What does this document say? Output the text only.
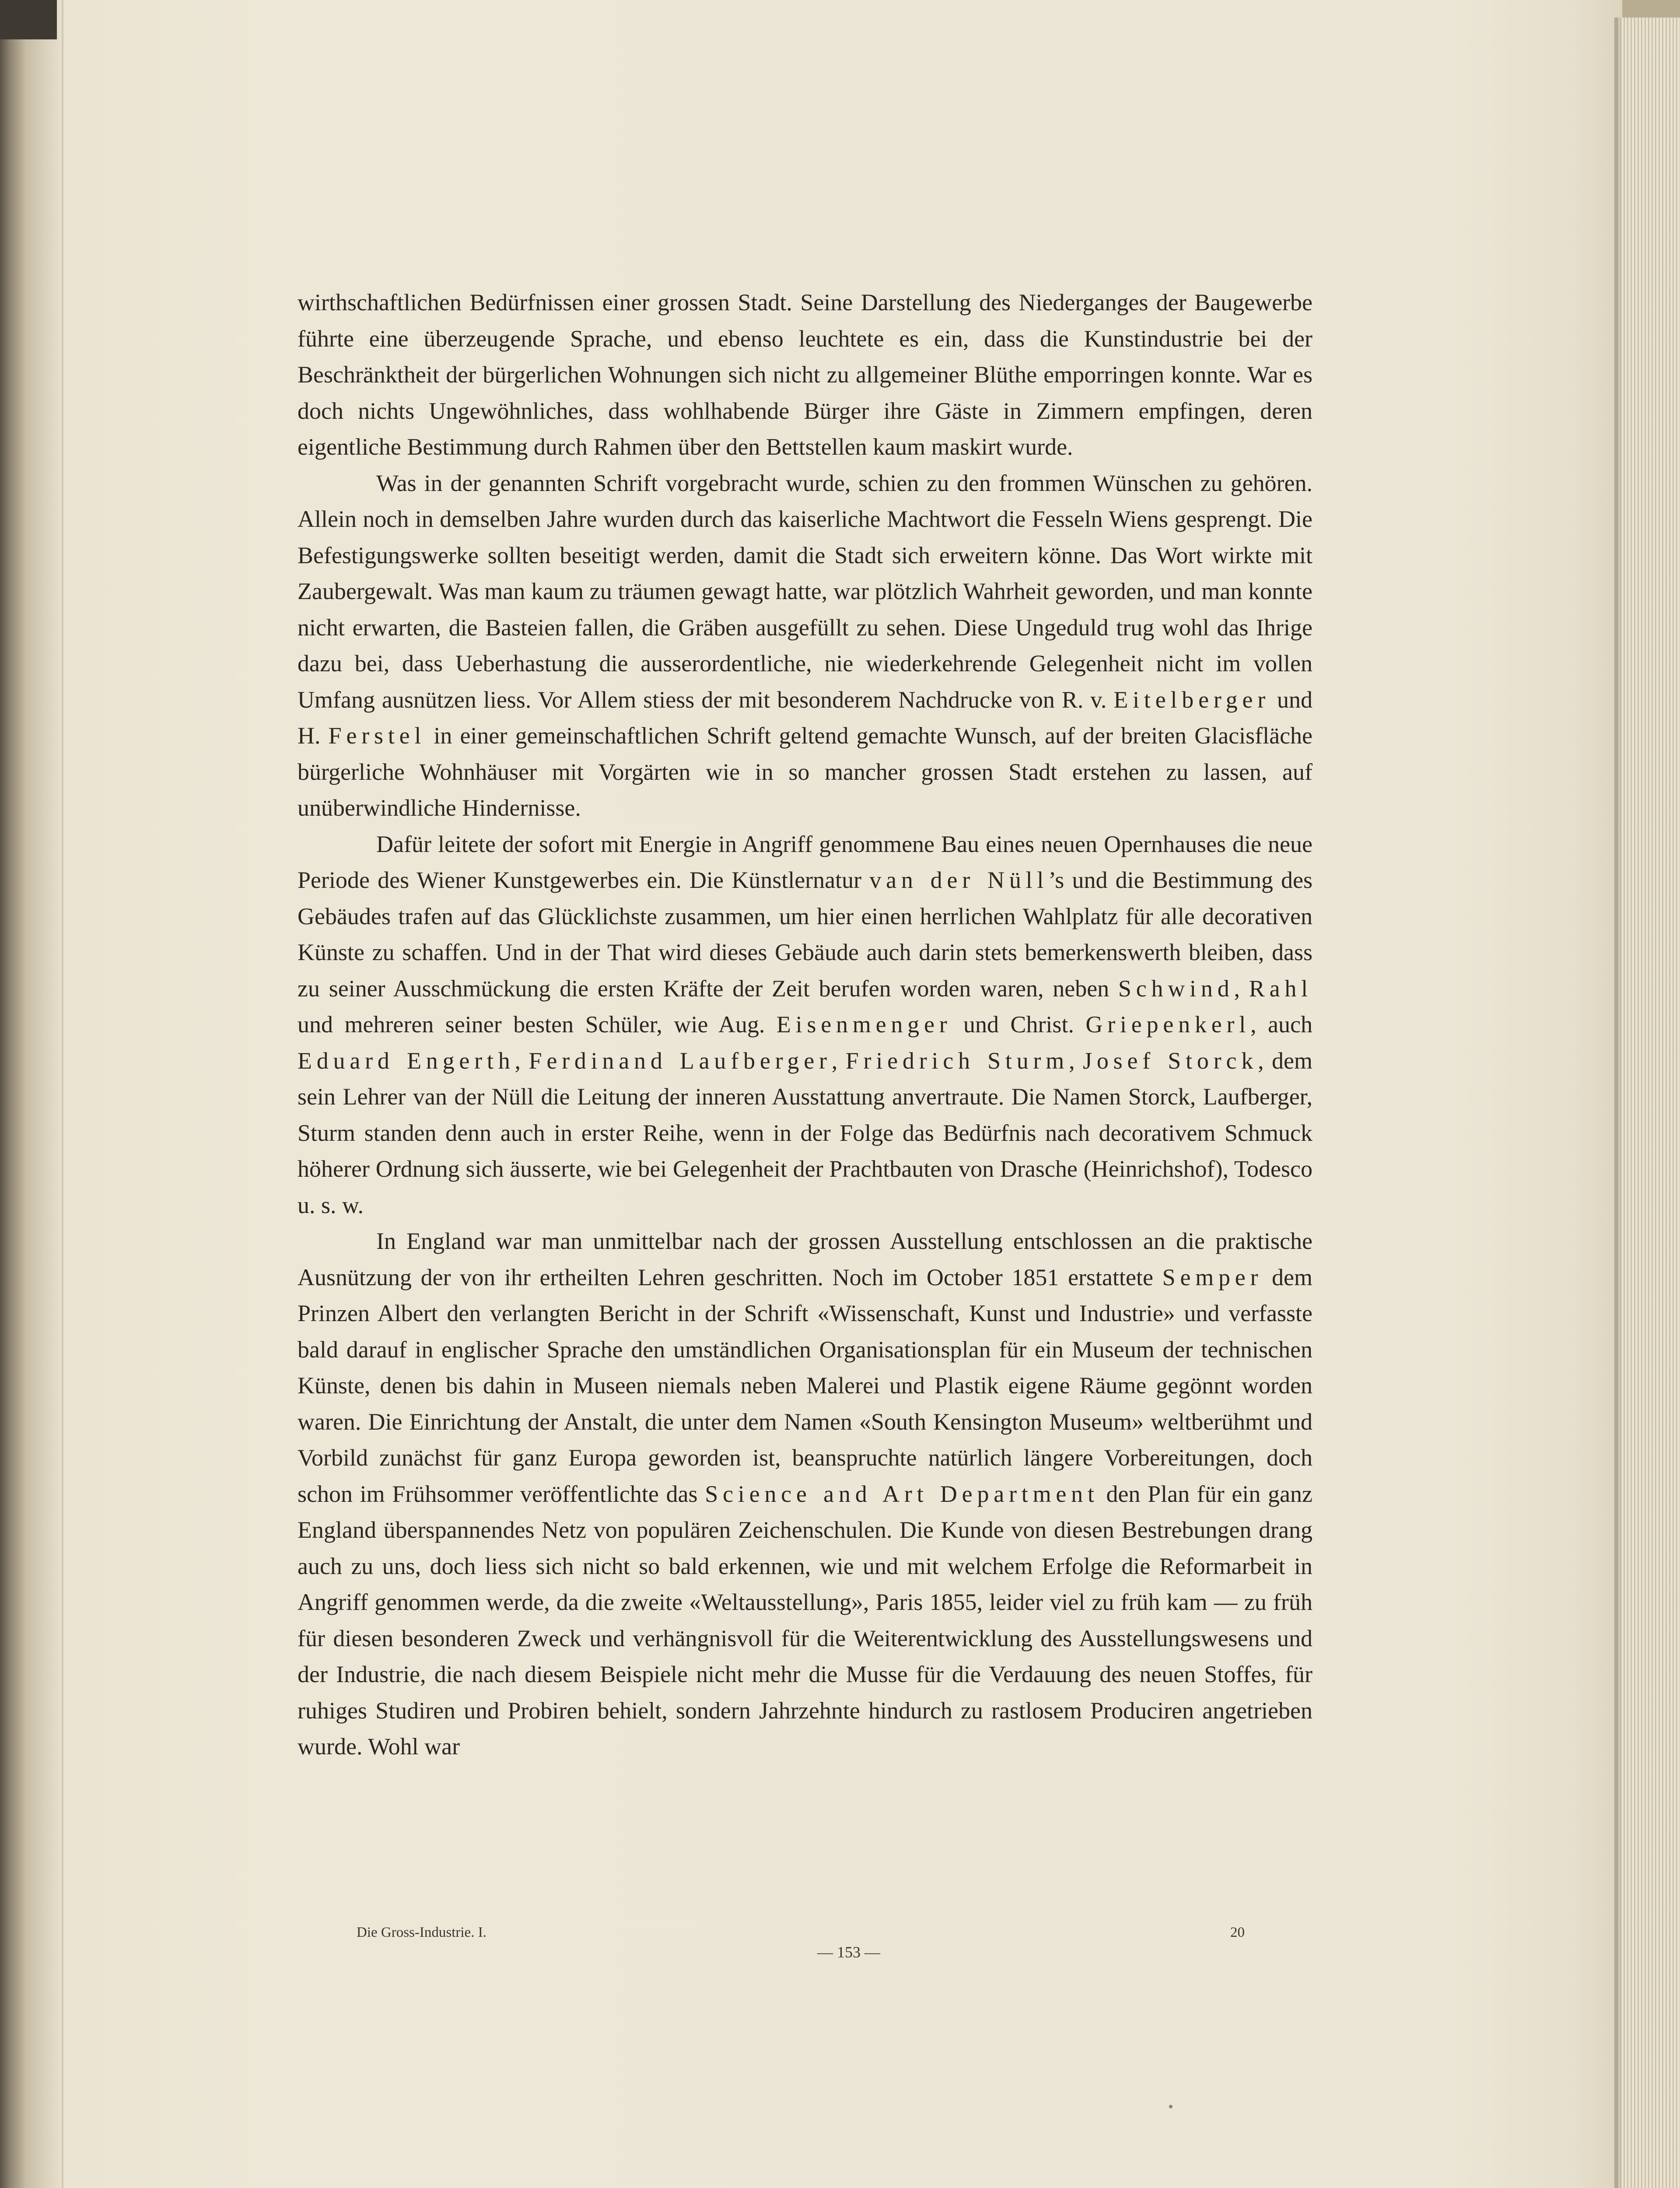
wirthschaftlichen Bedürfnissen einer grossen Stadt. Seine Darstellung des Niederganges der Baugewerbe führte eine überzeugende Sprache, und ebenso leuchtete es ein, dass die Kunstindustrie bei der Beschränktheit der bürgerlichen Wohnungen sich nicht zu allgemeiner Blüthe emporringen konnte. War es doch nichts Ungewöhnliches, dass wohlhabende Bürger ihre Gäste in Zimmern empfingen, deren eigentliche Bestimmung durch Rahmen über den Bettstellen kaum maskirt wurde.

Was in der genannten Schrift vorgebracht wurde, schien zu den frommen Wünschen zu gehören. Allein noch in demselben Jahre wurden durch das kaiserliche Machtwort die Fesseln Wiens gesprengt. Die Befestigungswerke sollten beseitigt werden, damit die Stadt sich erweitern könne. Das Wort wirkte mit Zaubergewalt. Was man kaum zu träumen gewagt hatte, war plötzlich Wahrheit geworden, und man konnte nicht erwarten, die Basteien fallen, die Gräben ausgefüllt zu sehen. Diese Ungeduld trug wohl das Ihrige dazu bei, dass Ueberhastung die ausserordentliche, nie wiederkehrende Gelegenheit nicht im vollen Umfang ausnützen liess. Vor Allem stiess der mit besonderem Nachdrucke von R. v. Eitelberger und H. Ferstel in einer gemeinschaftlichen Schrift geltend gemachte Wunsch, auf der breiten Glacisfläche bürgerliche Wohnhäuser mit Vorgärten wie in so mancher grossen Stadt erstehen zu lassen, auf unüberwindliche Hindernisse.

Dafür leitete der sofort mit Energie in Angriff genommene Bau eines neuen Opernhauses die neue Periode des Wiener Kunstgewerbes ein. Die Künstlernatur van der Nüll’s und die Bestimmung des Gebäudes trafen auf das Glücklichste zusammen, um hier einen herrlichen Wahlplatz für alle decorativen Künste zu schaffen. Und in der That wird dieses Gebäude auch darin stets bemerkenswerth bleiben, dass zu seiner Ausschmückung die ersten Kräfte der Zeit berufen worden waren, neben Schwind, Rahl und mehreren seiner besten Schüler, wie Aug. Eisenmenger und Christ. Griepenkerl, auch Eduard Engerth, Ferdinand Laufberger, Friedrich Sturm, Josef Storck, dem sein Lehrer van der Nüll die Leitung der inneren Ausstattung anvertraute. Die Namen Storck, Laufberger, Sturm standen denn auch in erster Reihe, wenn in der Folge das Bedürfnis nach decorativem Schmuck höherer Ordnung sich äusserte, wie bei Gelegenheit der Prachtbauten von Drasche (Heinrichshof), Todesco u. s. w.

In England war man unmittelbar nach der grossen Ausstellung entschlossen an die praktische Ausnützung der von ihr ertheilten Lehren geschritten. Noch im October 1851 erstattete Semper dem Prinzen Albert den verlangten Bericht in der Schrift «Wissenschaft, Kunst und Industrie» und verfasste bald darauf in englischer Sprache den umständlichen Organisationsplan für ein Museum der technischen Künste, denen bis dahin in Museen niemals neben Malerei und Plastik eigene Räume gegönnt worden waren. Die Einrichtung der Anstalt, die unter dem Namen «South Kensington Museum» weltberühmt und Vorbild zunächst für ganz Europa geworden ist, beanspruchte natürlich längere Vorbereitungen, doch schon im Frühsommer veröffentlichte das Science and Art Department den Plan für ein ganz England überspannendes Netz von populären Zeichenschulen. Die Kunde von diesen Bestrebungen drang auch zu uns, doch liess sich nicht so bald erkennen, wie und mit welchem Erfolge die Reformarbeit in Angriff genommen werde, da die zweite «Weltausstellung», Paris 1855, leider viel zu früh kam — zu früh für diesen besonderen Zweck und verhängnisvoll für die Weiterentwicklung des Ausstellungswesens und der Industrie, die nach diesem Beispiele nicht mehr die Musse für die Verdauung des neuen Stoffes, für ruhiges Studiren und Probiren behielt, sondern Jahrzehnte hindurch zu rastlosem Produciren angetrieben wurde. Wohl war

Die Gross-Industrie. I.	20
— 153 —
